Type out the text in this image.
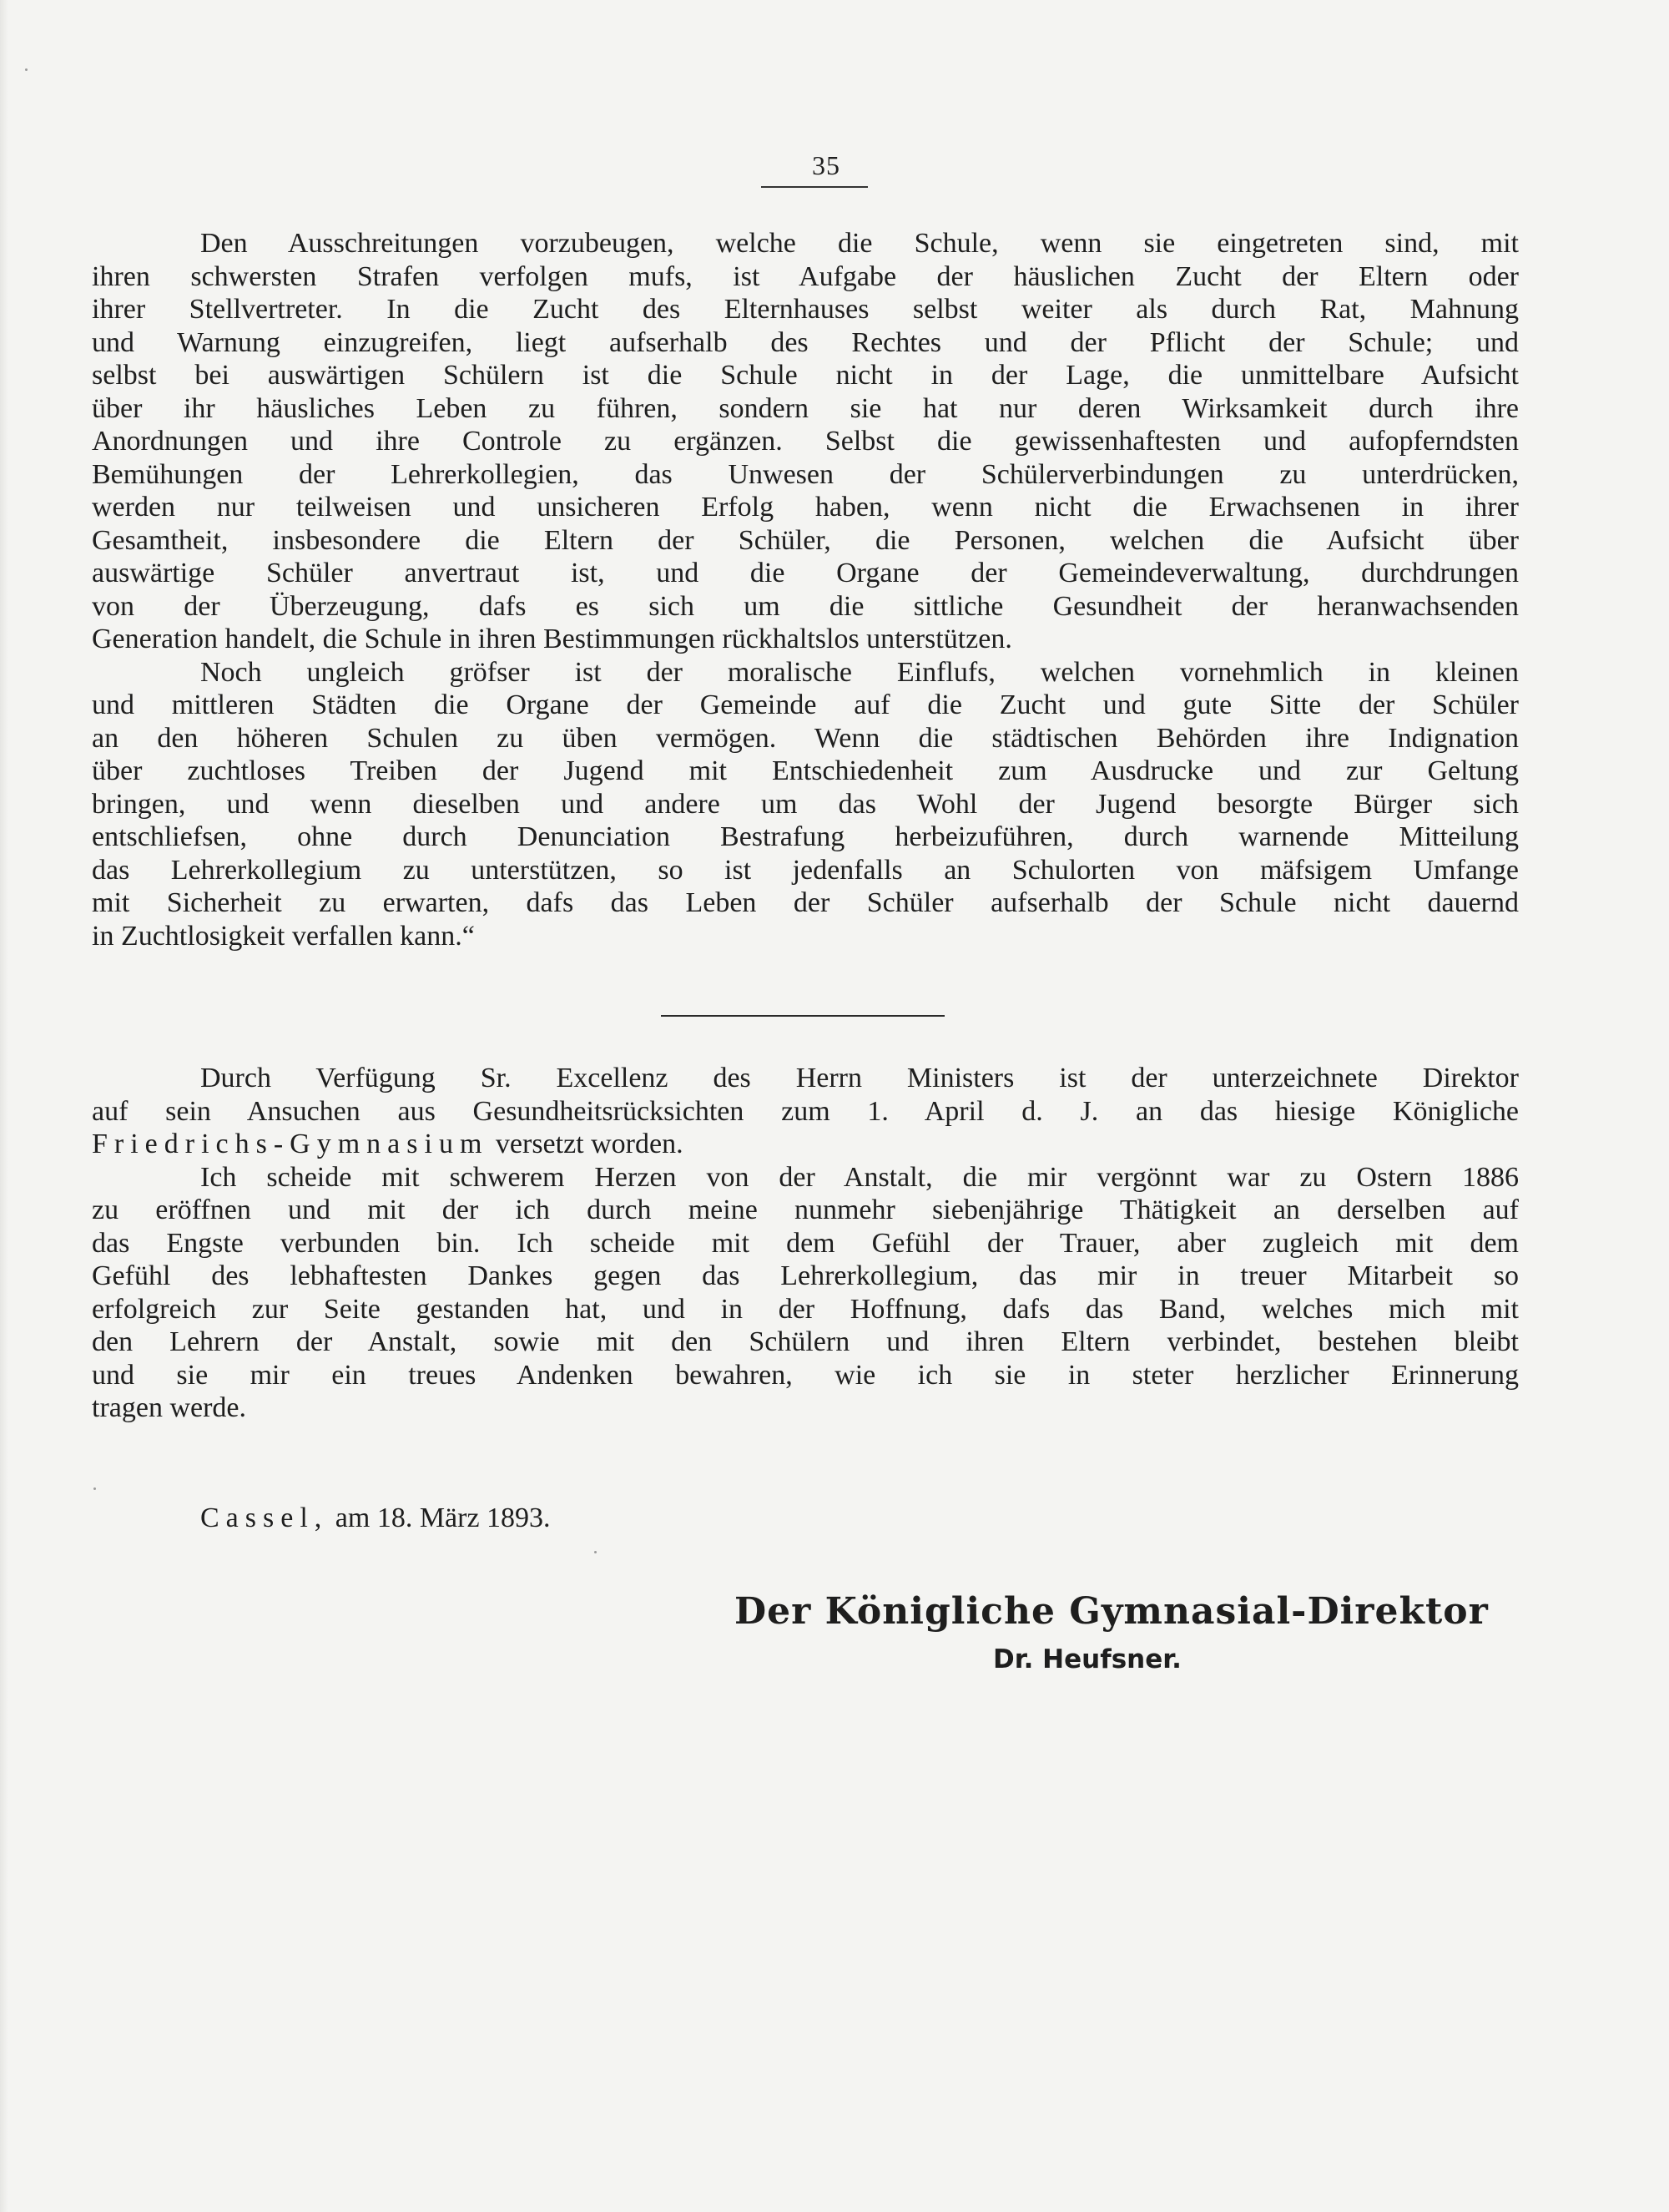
35
Den Ausschreitungen vorzubeugen, welche die Schule, wenn sie eingetreten sind, mit
ihren schwersten Strafen verfolgen mufs, ist Aufgabe der häuslichen Zucht der Eltern oder
ihrer Stellvertreter. In die Zucht des Elternhauses selbst weiter als durch Rat, Mahnung
und Warnung einzugreifen, liegt aufserhalb des Rechtes und der Pflicht der Schule; und
selbst bei auswärtigen Schülern ist die Schule nicht in der Lage, die unmittelbare Aufsicht
über ihr häusliches Leben zu führen, sondern sie hat nur deren Wirksamkeit durch ihre
Anordnungen und ihre Controle zu ergänzen. Selbst die gewissenhaftesten und aufopferndsten
Bemühungen der Lehrerkollegien, das Unwesen der Schülerverbindungen zu unterdrücken,
werden nur teilweisen und unsicheren Erfolg haben, wenn nicht die Erwachsenen in ihrer
Gesamtheit, insbesondere die Eltern der Schüler, die Personen, welchen die Aufsicht über
auswärtige Schüler anvertraut ist, und die Organe der Gemeindeverwaltung, durchdrungen
von der Überzeugung, dafs es sich um die sittliche Gesundheit der heranwachsenden
Generation handelt, die Schule in ihren Bestimmungen rückhaltslos unterstützen.
Noch ungleich gröfser ist der moralische Einflufs, welchen vornehmlich in kleinen
und mittleren Städten die Organe der Gemeinde auf die Zucht und gute Sitte der Schüler
an den höheren Schulen zu üben vermögen. Wenn die städtischen Behörden ihre Indignation
über zuchtloses Treiben der Jugend mit Entschiedenheit zum Ausdrucke und zur Geltung
bringen, und wenn dieselben und andere um das Wohl der Jugend besorgte Bürger sich
entschliefsen, ohne durch Denunciation Bestrafung herbeizuführen, durch warnende Mitteilung
das Lehrerkollegium zu unterstützen, so ist jedenfalls an Schulorten von mäfsigem Umfange
mit Sicherheit zu erwarten, dafs das Leben der Schüler aufserhalb der Schule nicht dauernd
in Zuchtlosigkeit verfallen kann.“
Durch Verfügung Sr. Excellenz des Herrn Ministers ist der unterzeichnete Direktor
auf sein Ansuchen aus Gesundheitsrücksichten zum 1. April d. J. an das hiesige Königliche
Friedrichs-Gymnasium versetzt worden.
Ich scheide mit schwerem Herzen von der Anstalt, die mir vergönnt war zu Ostern 1886
zu eröffnen und mit der ich durch meine nunmehr siebenjährige Thätigkeit an derselben auf
das Engste verbunden bin. Ich scheide mit dem Gefühl der Trauer, aber zugleich mit dem
Gefühl des lebhaftesten Dankes gegen das Lehrerkollegium, das mir in treuer Mitarbeit so
erfolgreich zur Seite gestanden hat, und in der Hoffnung, dafs das Band, welches mich mit
den Lehrern der Anstalt, sowie mit den Schülern und ihren Eltern verbindet, bestehen bleibt
und sie mir ein treues Andenken bewahren, wie ich sie in steter herzlicher Erinnerung
tragen werde.
Cassel, am 18. März 1893.
Der Königliche Gymnasial-Direktor
Dr. Heufsner.
